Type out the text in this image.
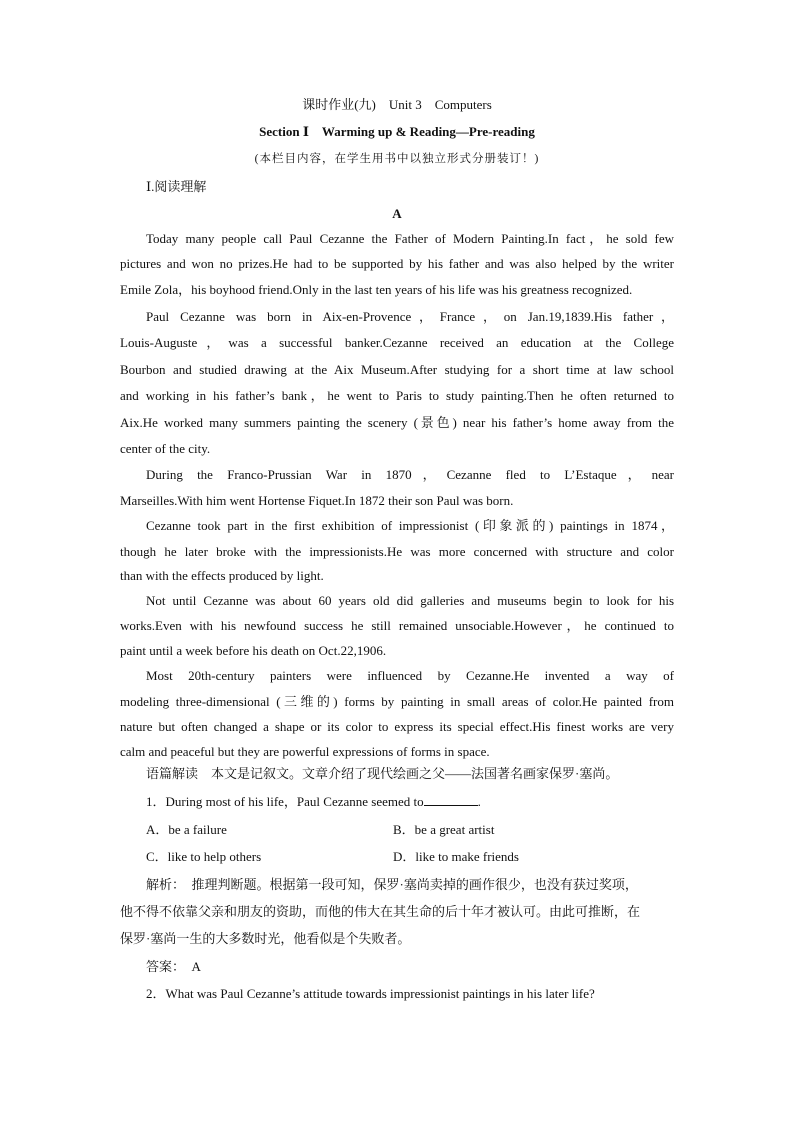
课时作业(九)　Unit 3　Computers
Section Ⅰ　Warming up & Reading—Pre-reading
(本栏目内容，在学生用书中以独立形式分册装订！)
Ⅰ.阅读理解
A
Today many people call Paul Cezanne the Father of Modern Painting.In fact，he sold few
pictures and won no prizes.He had to be supported by his father and was also helped by the writer
Emile Zola，his boyhood friend.Only in the last ten years of his life was his greatness recognized.
Paul Cezanne was born in Aix-en-Provence，France，on Jan.19,1839.His father，
Louis-Auguste，was a successful banker.Cezanne received an education at the College
Bourbon and studied drawing at the Aix Museum.After studying for a short time at law school
and working in his father’s bank，he went to Paris to study painting.Then he often returned to
Aix.He worked many summers painting the scenery (景色) near his father’s home away from the
center of the city.
During the Franco-Prussian War in 1870，Cezanne fled to L’Estaque，near
Marseilles.With him went Hortense Fiquet.In 1872 their son Paul was born.
Cezanne took part in the first exhibition of impressionist (印象派的) paintings in 1874，
though he later broke with the impressionists.He was more concerned with structure and color
than with the effects produced by light.
Not until Cezanne was about 60 years old did galleries and museums begin to look for his
works.Even with his newfound success he still remained unsociable.However，he continued to
paint until a week before his death on Oct.22,1906.
Most 20th-century painters were influenced by Cezanne.He invented a way of
modeling three-dimensional (三维的) forms by painting in small areas of color.He painted from
nature but often changed a shape or its color to express its special effect.His finest works are very
calm and peaceful but they are powerful expressions of forms in space.
语篇解读　本文是记叙文。文章介绍了现代绘画之父——法国著名画家保罗·塞尚。
1．During most of his life，Paul Cezanne seemed to	.
A．be a failure	B．be a great artist
C．like to help others	D．like to make friends
解析：　推理判断题。根据第一段可知，保罗·塞尚卖掉的画作很少，也没有获过奖项，
他不得不依靠父亲和朋友的资助，而他的伟大在其生命的后十年才被认可。由此可推断，在
保罗·塞尚一生的大多数时光，他看似是个失败者。
答案：　A
2．What was Paul Cezanne’s attitude towards impressionist paintings in his later life?
